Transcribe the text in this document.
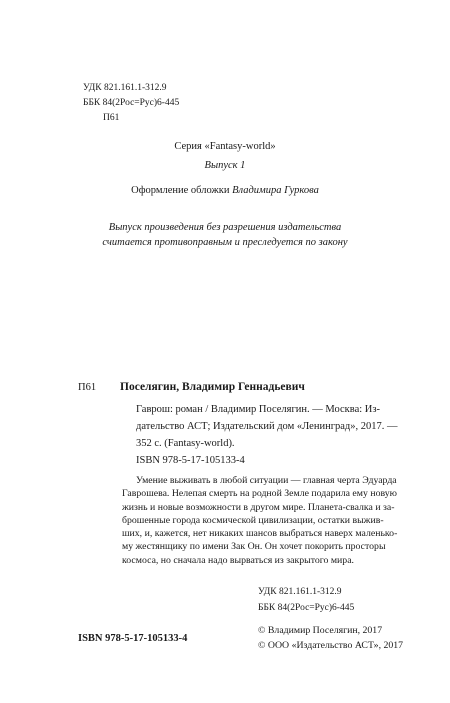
УДК 821.161.1-312.9
ББК 84(2Рос=Рус)6-445
П61
Серия «Fantasy-world»
Выпуск 1
Оформление обложки Владимира Гуркова
Выпуск произведения без разрешения издательства
считается противоправным и преследуется по закону
П61 Поселягин, Владимир Геннадьевич
Гаврош: роман / Владимир Поселягин. — Москва: Из-
дательство АСТ; Издательский дом «Ленинград», 2017. —
352 с. (Fantasy-world).
ISBN 978-5-17-105133-4

Умение выживать в любой ситуации — главная черта Эдуарда

Гаврошева. Нелепая смерть на родной Земле подарила ему новую

жизнь и новые возможности в другом мире. Планета-свалка и за-

брошенные города космической цивилизации, остатки выжив-

ших, и, кажется, нет никаких шансов выбраться наверх маленько-

му жестянщику по имени Зак Он. Он хочет покорить просторы

космоса, но сначала надо вырваться из закрытого мира.

УДК 821.161.1-312.9
ББК 84(2Рос=Рус)6-445
ISBN 978-5-17-105133-4

© Владимир Поселягин, 2017

© ООО «Издательство АСТ», 2017
